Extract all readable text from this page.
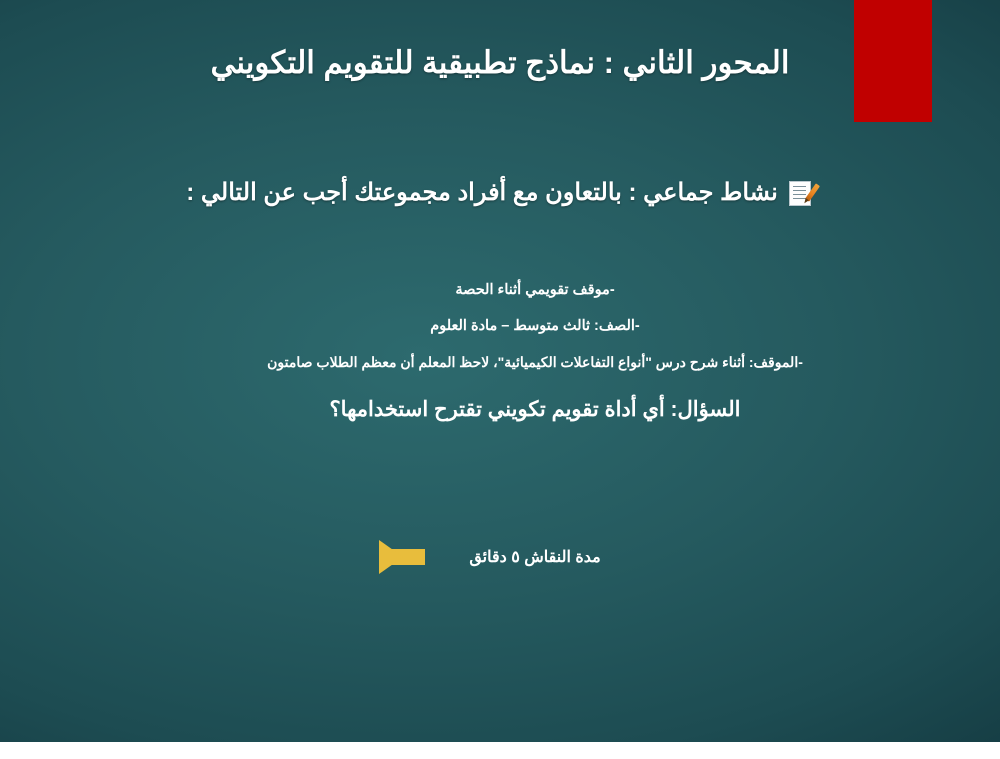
المحور الثاني : نماذج تطبيقية للتقويم التكويني
نشاط جماعي : بالتعاون مع أفراد مجموعتك أجب عن التالي :
-موقف تقويمي أثناء الحصة
-الصف: ثالث متوسط – مادة العلوم
-الموقف: أثناء شرح درس "أنواع التفاعلات الكيميائية"، لاحظ المعلم أن معظم الطلاب صامتون
السؤال: أي أداة تقويم تكويني تقترح استخدامها؟
مدة النقاش ٥ دقائق
